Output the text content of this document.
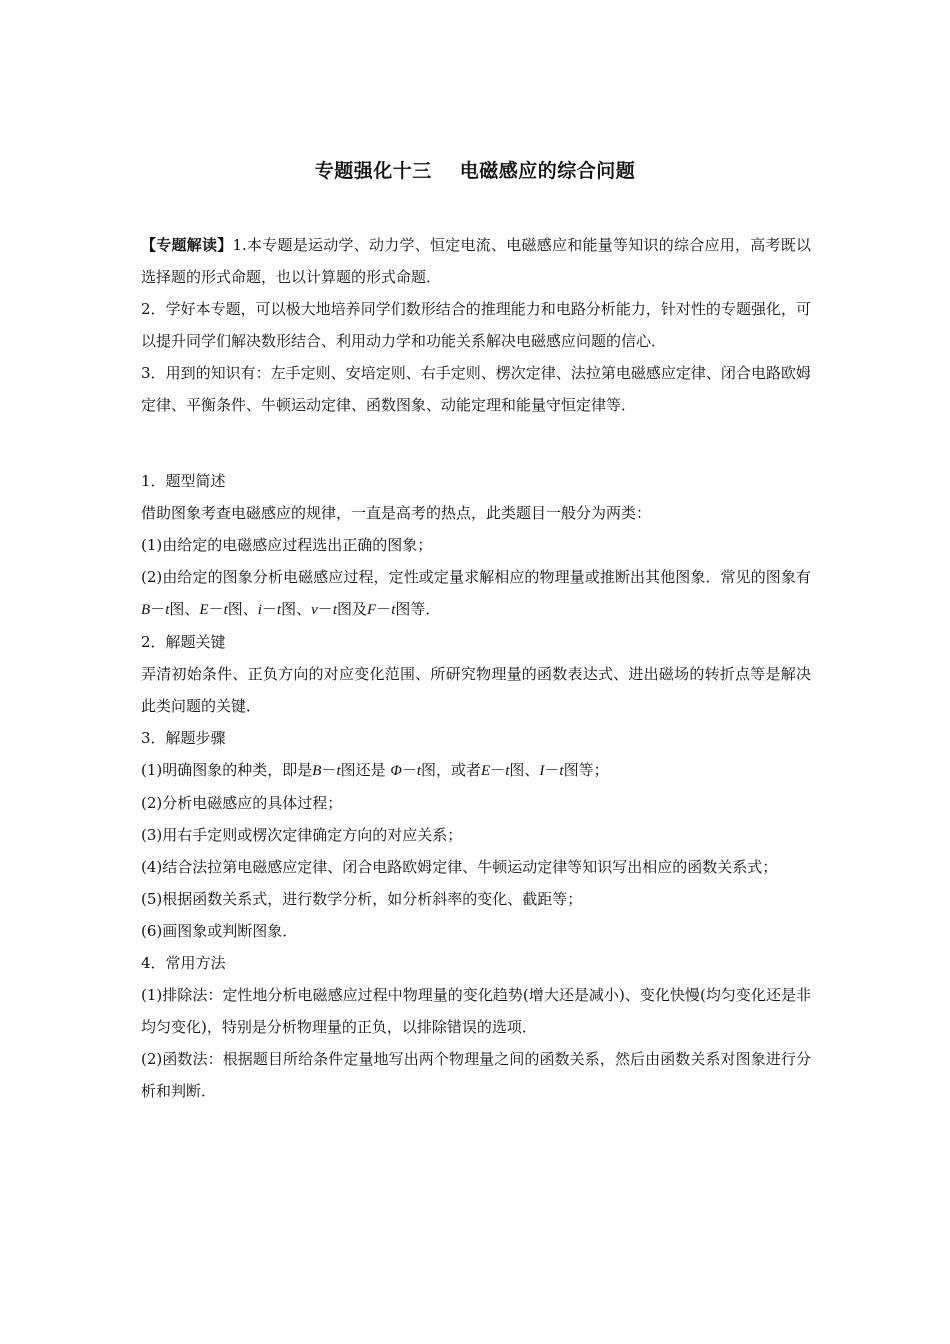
专题强化十三 电磁感应的综合问题

【专题解读】1.本专题是运动学、动力学、恒定电流、电磁感应和能量等知识的综合应用，高考既以选择题的形式命题，也以计算题的形式命题．

2．学好本专题，可以极大地培养同学们数形结合的推理能力和电路分析能力，针对性的专题强化，可以提升同学们解决数形结合、利用动力学和功能关系解决电磁感应问题的信心．

3．用到的知识有：左手定则、安培定则、右手定则、楞次定律、法拉第电磁感应定律、闭合电路欧姆定律、平衡条件、牛顿运动定律、函数图象、动能定理和能量守恒定律等．

1．题型简述

借助图象考查电磁感应的规律，一直是高考的热点，此类题目一般分为两类：

(1)由给定的电磁感应过程选出正确的图象；

(2)由给定的图象分析电磁感应过程，定性或定量求解相应的物理量或推断出其他图象．常见的图象有B－t图、E－t图、i－t图、v－t图及F－t图等．

2．解题关键

弄清初始条件、正负方向的对应变化范围、所研究物理量的函数表达式、进出磁场的转折点等是解决此类问题的关键．

3．解题步骤

(1)明确图象的种类，即是B－t图还是 Φ－t图，或者E－t图、I－t图等；

(2)分析电磁感应的具体过程；

(3)用右手定则或楞次定律确定方向的对应关系；

(4)结合法拉第电磁感应定律、闭合电路欧姆定律、牛顿运动定律等知识写出相应的函数关系式；

(5)根据函数关系式，进行数学分析，如分析斜率的变化、截距等；

(6)画图象或判断图象．

4．常用方法

(1)排除法：定性地分析电磁感应过程中物理量的变化趋势(增大还是减小)、变化快慢(均匀变化还是非均匀变化)，特别是分析物理量的正负，以排除错误的选项．

(2)函数法：根据题目所给条件定量地写出两个物理量之间的函数关系，然后由函数关系对图象进行分析和判断．
